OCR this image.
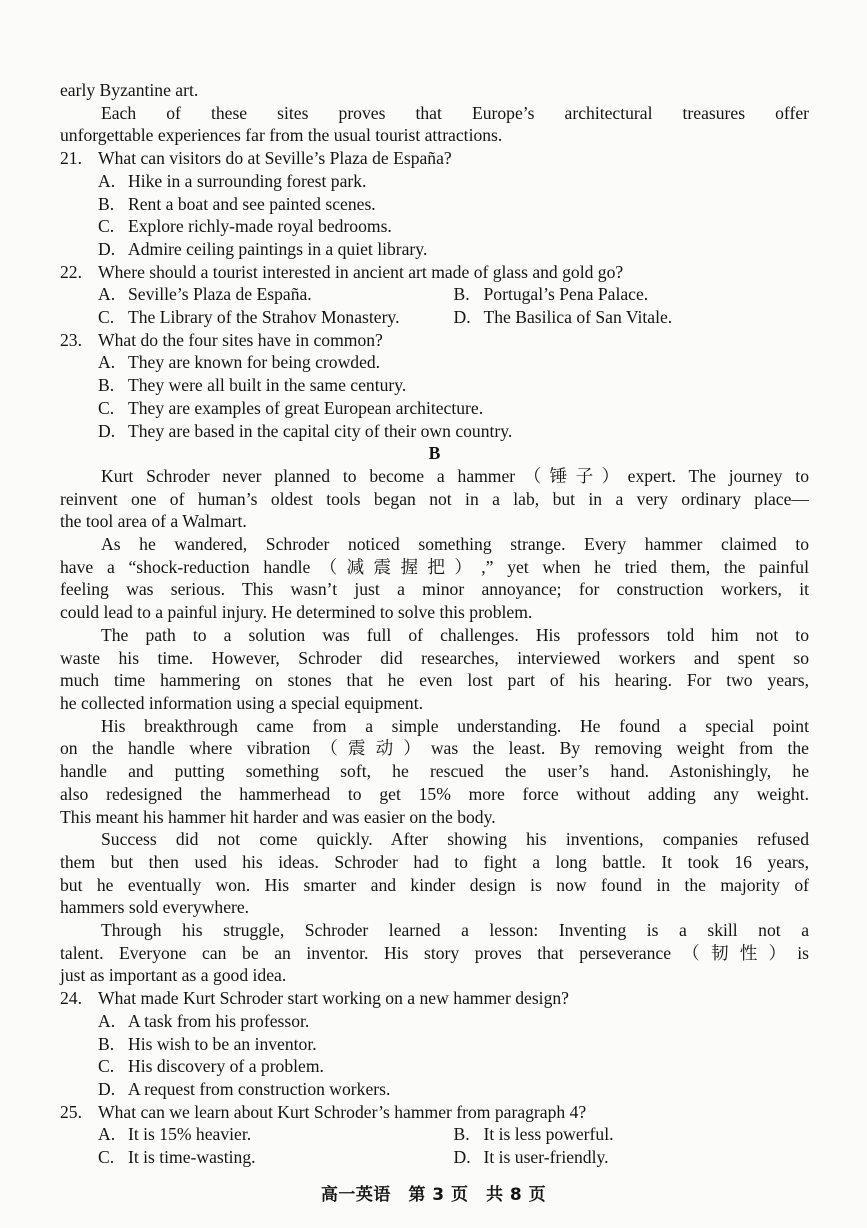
early Byzantine art.
Each of these sites proves that Europe’s architectural treasures offer
unforgettable experiences far from the usual tourist attractions.
21. What can visitors do at Seville’s Plaza de España?
A. Hike in a surrounding forest park.
B. Rent a boat and see painted scenes.
C. Explore richly-made royal bedrooms.
D. Admire ceiling paintings in a quiet library.
22. Where should a tourist interested in ancient art made of glass and gold go?
A. Seville’s Plaza de España.	B. Portugal’s Pena Palace.
C. The Library of the Strahov Monastery.	D. The Basilica of San Vitale.
23. What do the four sites have in common?
A. They are known for being crowded.
B. They were all built in the same century.
C. They are examples of great European architecture.
D. They are based in the capital city of their own country.
B
Kurt Schroder never planned to become a hammer（锤子）expert. The journey to
reinvent one of human’s oldest tools began not in a lab, but in a very ordinary place—
the tool area of a Walmart.
As he wandered, Schroder noticed something strange. Every hammer claimed to
have a “shock-reduction handle（减震握把）,” yet when he tried them, the painful
feeling was serious. This wasn’t just a minor annoyance; for construction workers, it
could lead to a painful injury. He determined to solve this problem.
The path to a solution was full of challenges. His professors told him not to
waste his time. However, Schroder did researches, interviewed workers and spent so
much time hammering on stones that he even lost part of his hearing. For two years,
he collected information using a special equipment.
His breakthrough came from a simple understanding. He found a special point
on the handle where vibration（震动）was the least. By removing weight from the
handle and putting something soft, he rescued the user’s hand. Astonishingly, he
also redesigned the hammerhead to get 15% more force without adding any weight.
This meant his hammer hit harder and was easier on the body.
Success did not come quickly. After showing his inventions, companies refused
them but then used his ideas. Schroder had to fight a long battle. It took 16 years,
but he eventually won. His smarter and kinder design is now found in the majority of
hammers sold everywhere.
Through his struggle, Schroder learned a lesson: Inventing is a skill not a
talent. Everyone can be an inventor. His story proves that perseverance（韧性）is
just as important as a good idea.
24. What made Kurt Schroder start working on a new hammer design?
A. A task from his professor.
B. His wish to be an inventor.
C. His discovery of a problem.
D. A request from construction workers.
25. What can we learn about Kurt Schroder’s hammer from paragraph 4?
A. It is 15% heavier.	B. It is less powerful.
C. It is time-wasting.	D. It is user-friendly.
高一英语　第 3 页　共 8 页
